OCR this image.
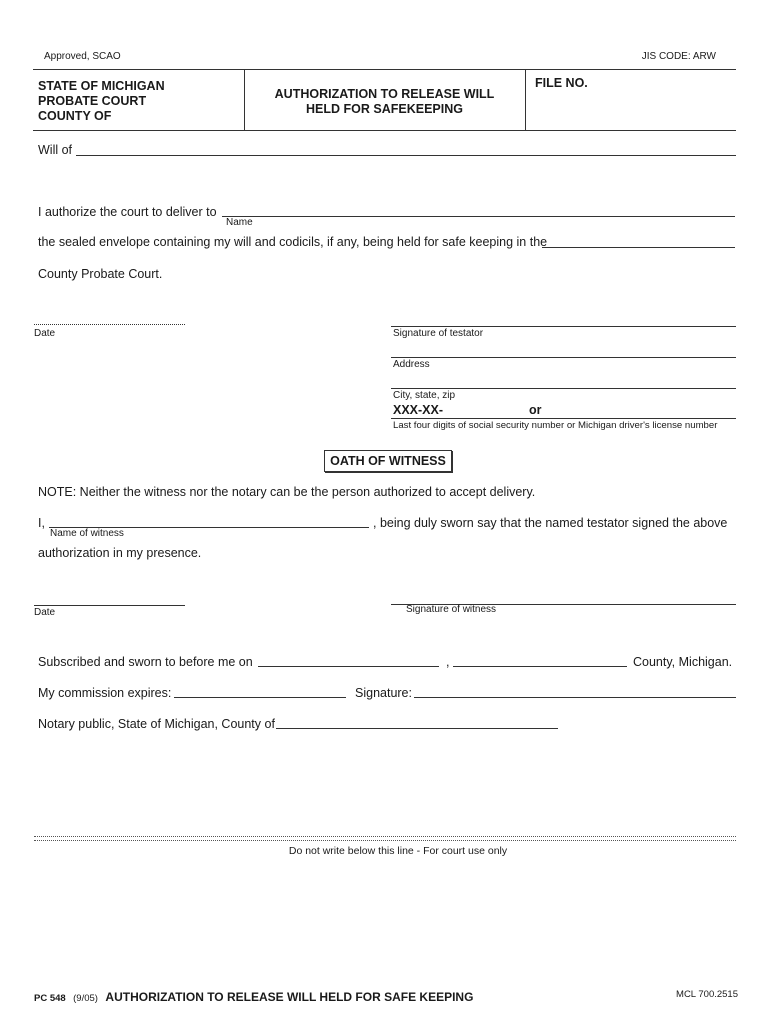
Approved, SCAO	JIS CODE: ARW
STATE OF MICHIGAN
PROBATE COURT
COUNTY OF
AUTHORIZATION TO RELEASE WILL
HELD FOR SAFEKEEPING
FILE NO.
Will of
I authorize the court to deliver to
Name
the sealed envelope containing my will and codicils, if any, being held for safe keeping in the
County Probate Court.
Date	Signature of testator
Address
City, state, zip
XXX-XX-	or
Last four digits of social security number or Michigan driver's license number
OATH OF WITNESS
NOTE: Neither the witness nor the notary can be the person authorized to accept delivery.
I,	, being duly sworn say that the named testator signed the above
Name of witness
authorization in my presence.
Date	Signature of witness
Subscribed and sworn to before me on	,	County, Michigan.
My commission expires:	Signature:
Notary public, State of Michigan, County of
Do not write below this line - For court use only
PC 548 (9/05) AUTHORIZATION TO RELEASE WILL HELD FOR SAFE KEEPING	MCL 700.2515
